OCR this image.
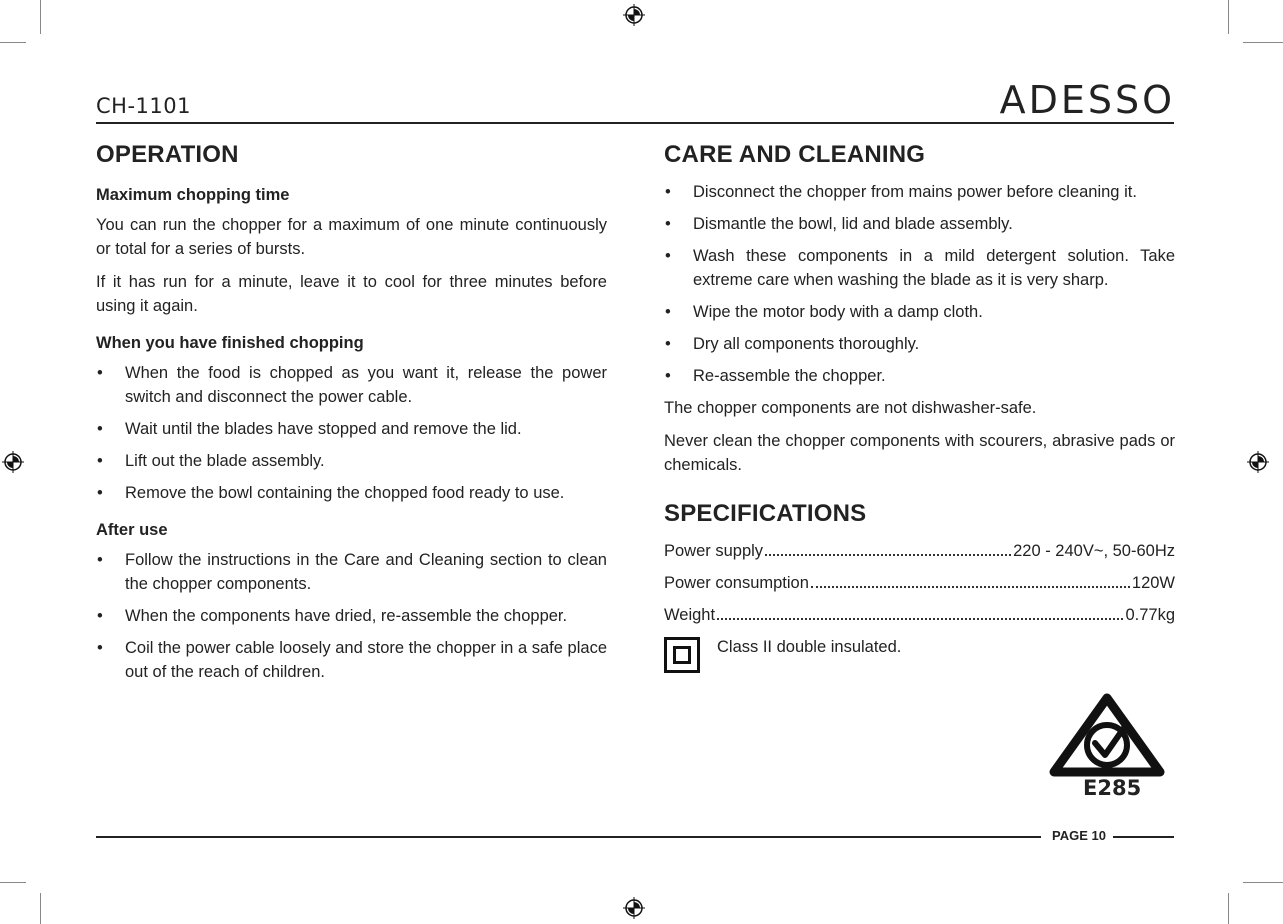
CH-1101	ADESSO
OPERATION
Maximum chopping time

You can run the chopper for a maximum of one minute continuously or total for a series of bursts.

If it has run for a minute, leave it to cool for three minutes before using it again.

When you have finished chopping
• When the food is chopped as you want it, release the power switch and disconnect the power cable.
• Wait until the blades have stopped and remove the lid.
• Lift out the blade assembly.
• Remove the bowl containing the chopped food ready to use.
After use
• Follow the instructions in the Care and Cleaning section to clean the chopper components.
• When the components have dried, re-assemble the chopper.
• Coil the power cable loosely and store the chopper in a safe place out of the reach of children.
CARE AND CLEANING
• Disconnect the chopper from mains power before cleaning it.
• Dismantle the bowl, lid and blade assembly.
• Wash these components in a mild detergent solution. Take extreme care when washing the blade as it is very sharp.
• Wipe the motor body with a damp cloth.
• Dry all components thoroughly.
• Re-assemble the chopper.

The chopper components are not dishwasher-safe.

Never clean the chopper components with scourers, abrasive pads or chemicals.

SPECIFICATIONS
Power supply	220 - 240V~, 50-60Hz
Power consumption	120W
Weight	0.77kg
Class II double insulated.
E285
PAGE 10
